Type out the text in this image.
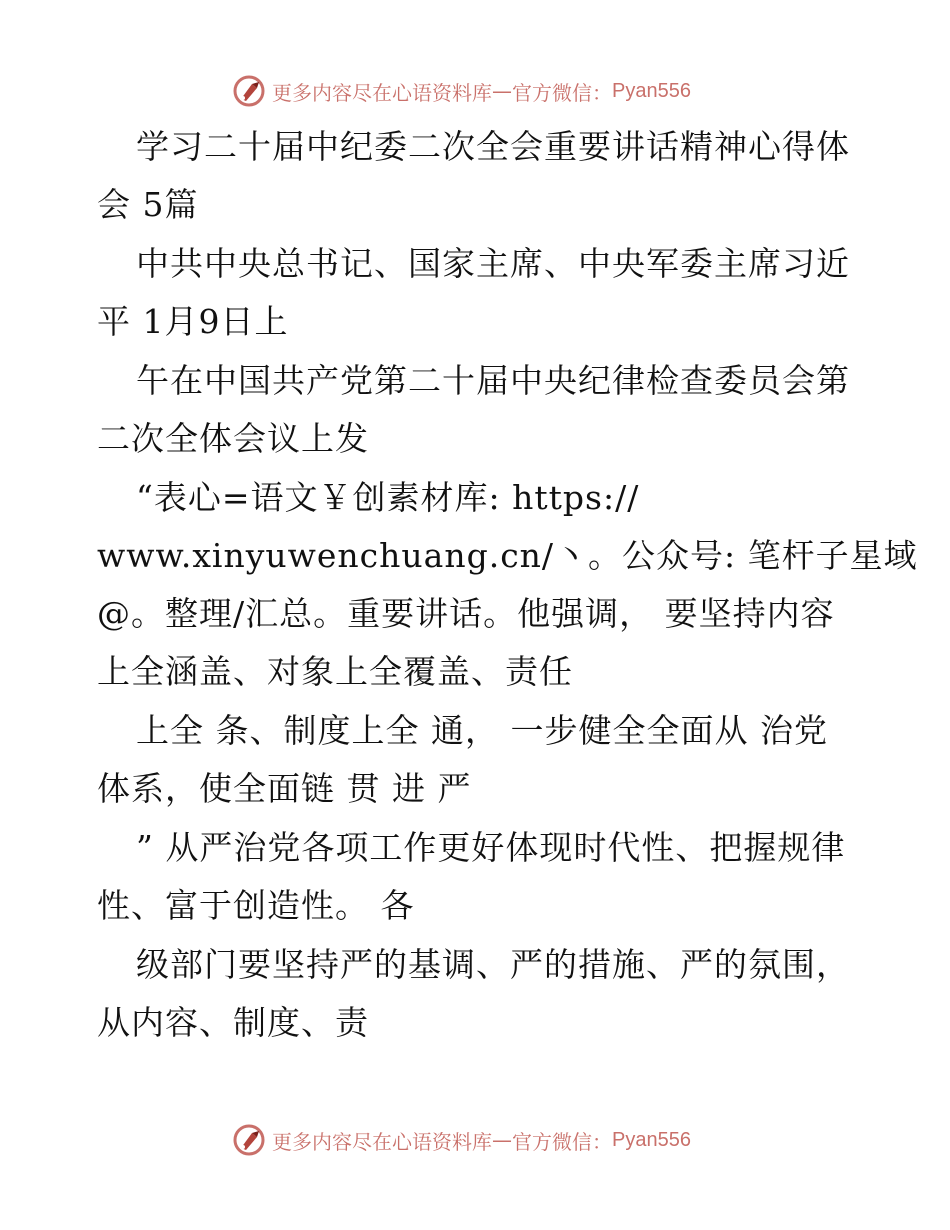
更多内容尽在心语资料库 — 官方微信： Pyan556
学习二十届中纪委二次全会重要讲话精神心得体
会 5篇
中共中央总书记、国家主席、中央军委主席习近
平 1月9日上
午在中国共产党第二十届中央纪律检查委员会第
二次全体会议上发
“表心=语文￥创素材库: https://
www.xinyuwenchuang.cn/丶。公众号: 笔杆子星域
@。整理/汇总。重要讲话。他强调， 要坚持内容
上全涵盖、对象上全覆盖、责任
上全 条、制度上全 通， 一步健全全面从 治党
体系，使全面链 贯 进 严
” 从严治党各项工作更好体现时代性、把握规律
性、富于创造性。 各
级部门要坚持严的基调、严的措施、严的氛围，
从内容、制度、责
更多内容尽在心语资料库 — 官方微信： Pyan556
